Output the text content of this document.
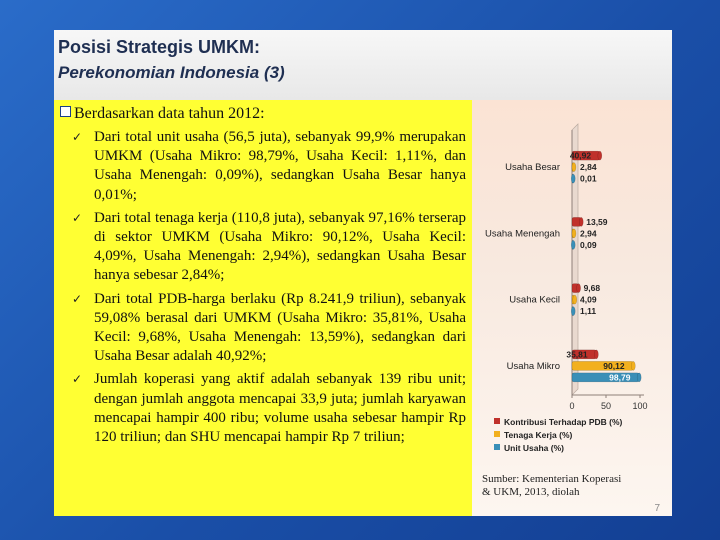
Posisi Strategis UMKM:
Perekonomian Indonesia (3)
Berdasarkan data tahun 2012:
✓ Dari total unit usaha (56,5 juta), sebanyak 99,9% merupakan UMKM (Usaha Mikro: 98,79%, Usaha Kecil: 1,11%, dan Usaha Menengah: 0,09%), sedangkan Usaha Besar hanya 0,01%;
✓ Dari total tenaga kerja (110,8 juta), sebanyak 97,16% terserap di sektor UMKM (Usaha Mikro: 90,12%, Usaha Kecil: 4,09%, Usaha Menengah: 2,94%), sedangkan Usaha Besar hanya sebesar 2,84%;
✓ Dari total PDB-harga berlaku (Rp 8.241,9 triliun), sebanyak 59,08% berasal dari UMKM (Usaha Mikro: 35,81%, Usaha Kecil: 9,68%, Usaha Menengah: 13,59%), sedangkan dari Usaha Besar adalah 40,92%;
✓ Jumlah koperasi yang aktif adalah sebanyak 139 ribu unit; dengan jumlah anggota mencapai 33,9 juta; jumlah karyawan mencapai hampir 400 ribu; volume usaha sebesar hampir Rp 120 triliun; dan SHU mencapai hampir Rp 7 triliun;
0	50 100
Usaha Besar
40,92
2,84
0,01
Usaha Menengah
13,59
2,94
0,09
Usaha Kecil
9,68
4,09
1,11
Usaha Mikro
35,81
90,12
98,79
Kontribusi Terhadap PDB (%)
Tenaga Kerja (%)
Unit Usaha (%)
Sumber: Kementerian Koperasi
& UKM, 2013, diolah
7
